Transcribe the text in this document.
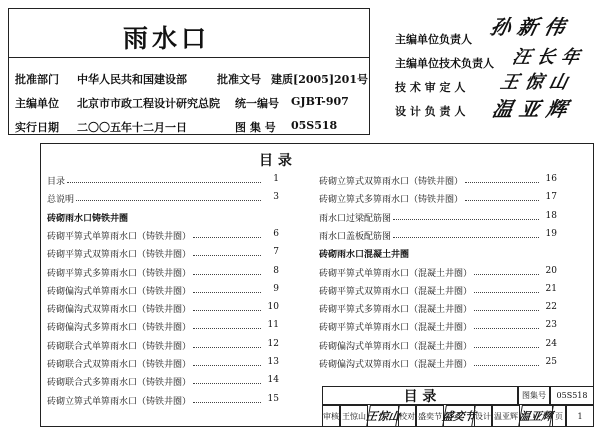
雨水口
批准部门 中华人民共和国建设部	批准文号 建质[2005]201号
主编单位 北京市市政工程设计研究总院 统一编号 GJBT-907
实行日期 二〇〇五年十二月一日	图 集 号 05S518
主编单位负责人
孙 新 伟
主编单位技术负责人 汪 长 年
技 术 审 定 人 王 惊 山
设 计 负 责 人 温 亚 辉
目 录
目录	1
总说明	3
砖砌雨水口铸铁井圈
砖砌平箅式单箅雨水口（铸铁井圈）	6
砖砌平箅式双箅雨水口（铸铁井圈）	7
砖砌平箅式多箅雨水口（铸铁井圈）	8
砖砌偏沟式单箅雨水口（铸铁井圈）	9
砖砌偏沟式双箅雨水口（铸铁井圈）	10
砖砌偏沟式多箅雨水口（铸铁井圈）	11
砖砌联合式单箅雨水口（铸铁井圈）	12
砖砌联合式双箅雨水口（铸铁井圈）	13
砖砌联合式多箅雨水口（铸铁井圈）	14
砖砌立箅式单箅雨水口（铸铁井圈）	15
砖砌立箅式双箅雨水口（铸铁井圈）	16
砖砌立箅式多箅雨水口（铸铁井圈）	17
雨水口过梁配筋图	18
雨水口盖板配筋图	19
砖砌雨水口混凝土井圈
砖砌平箅式单箅雨水口（混凝土井圈）	20
砖砌平箅式双箅雨水口（混凝土井圈）	21
砖砌平箅式多箅雨水口（混凝土井圈）	22
砖砌平箅式单箅雨水口（混凝土井圈）	23
砖砌偏沟式单箅雨水口（混凝土井圈）	24
砖砌偏沟式双箅雨水口（混凝土井圈）	25
目 录	图集号	05S518
审核 王惊山 王惊山
校对 盛奕节 盛奕节
设计 温亚辉 温亚辉 页	1
